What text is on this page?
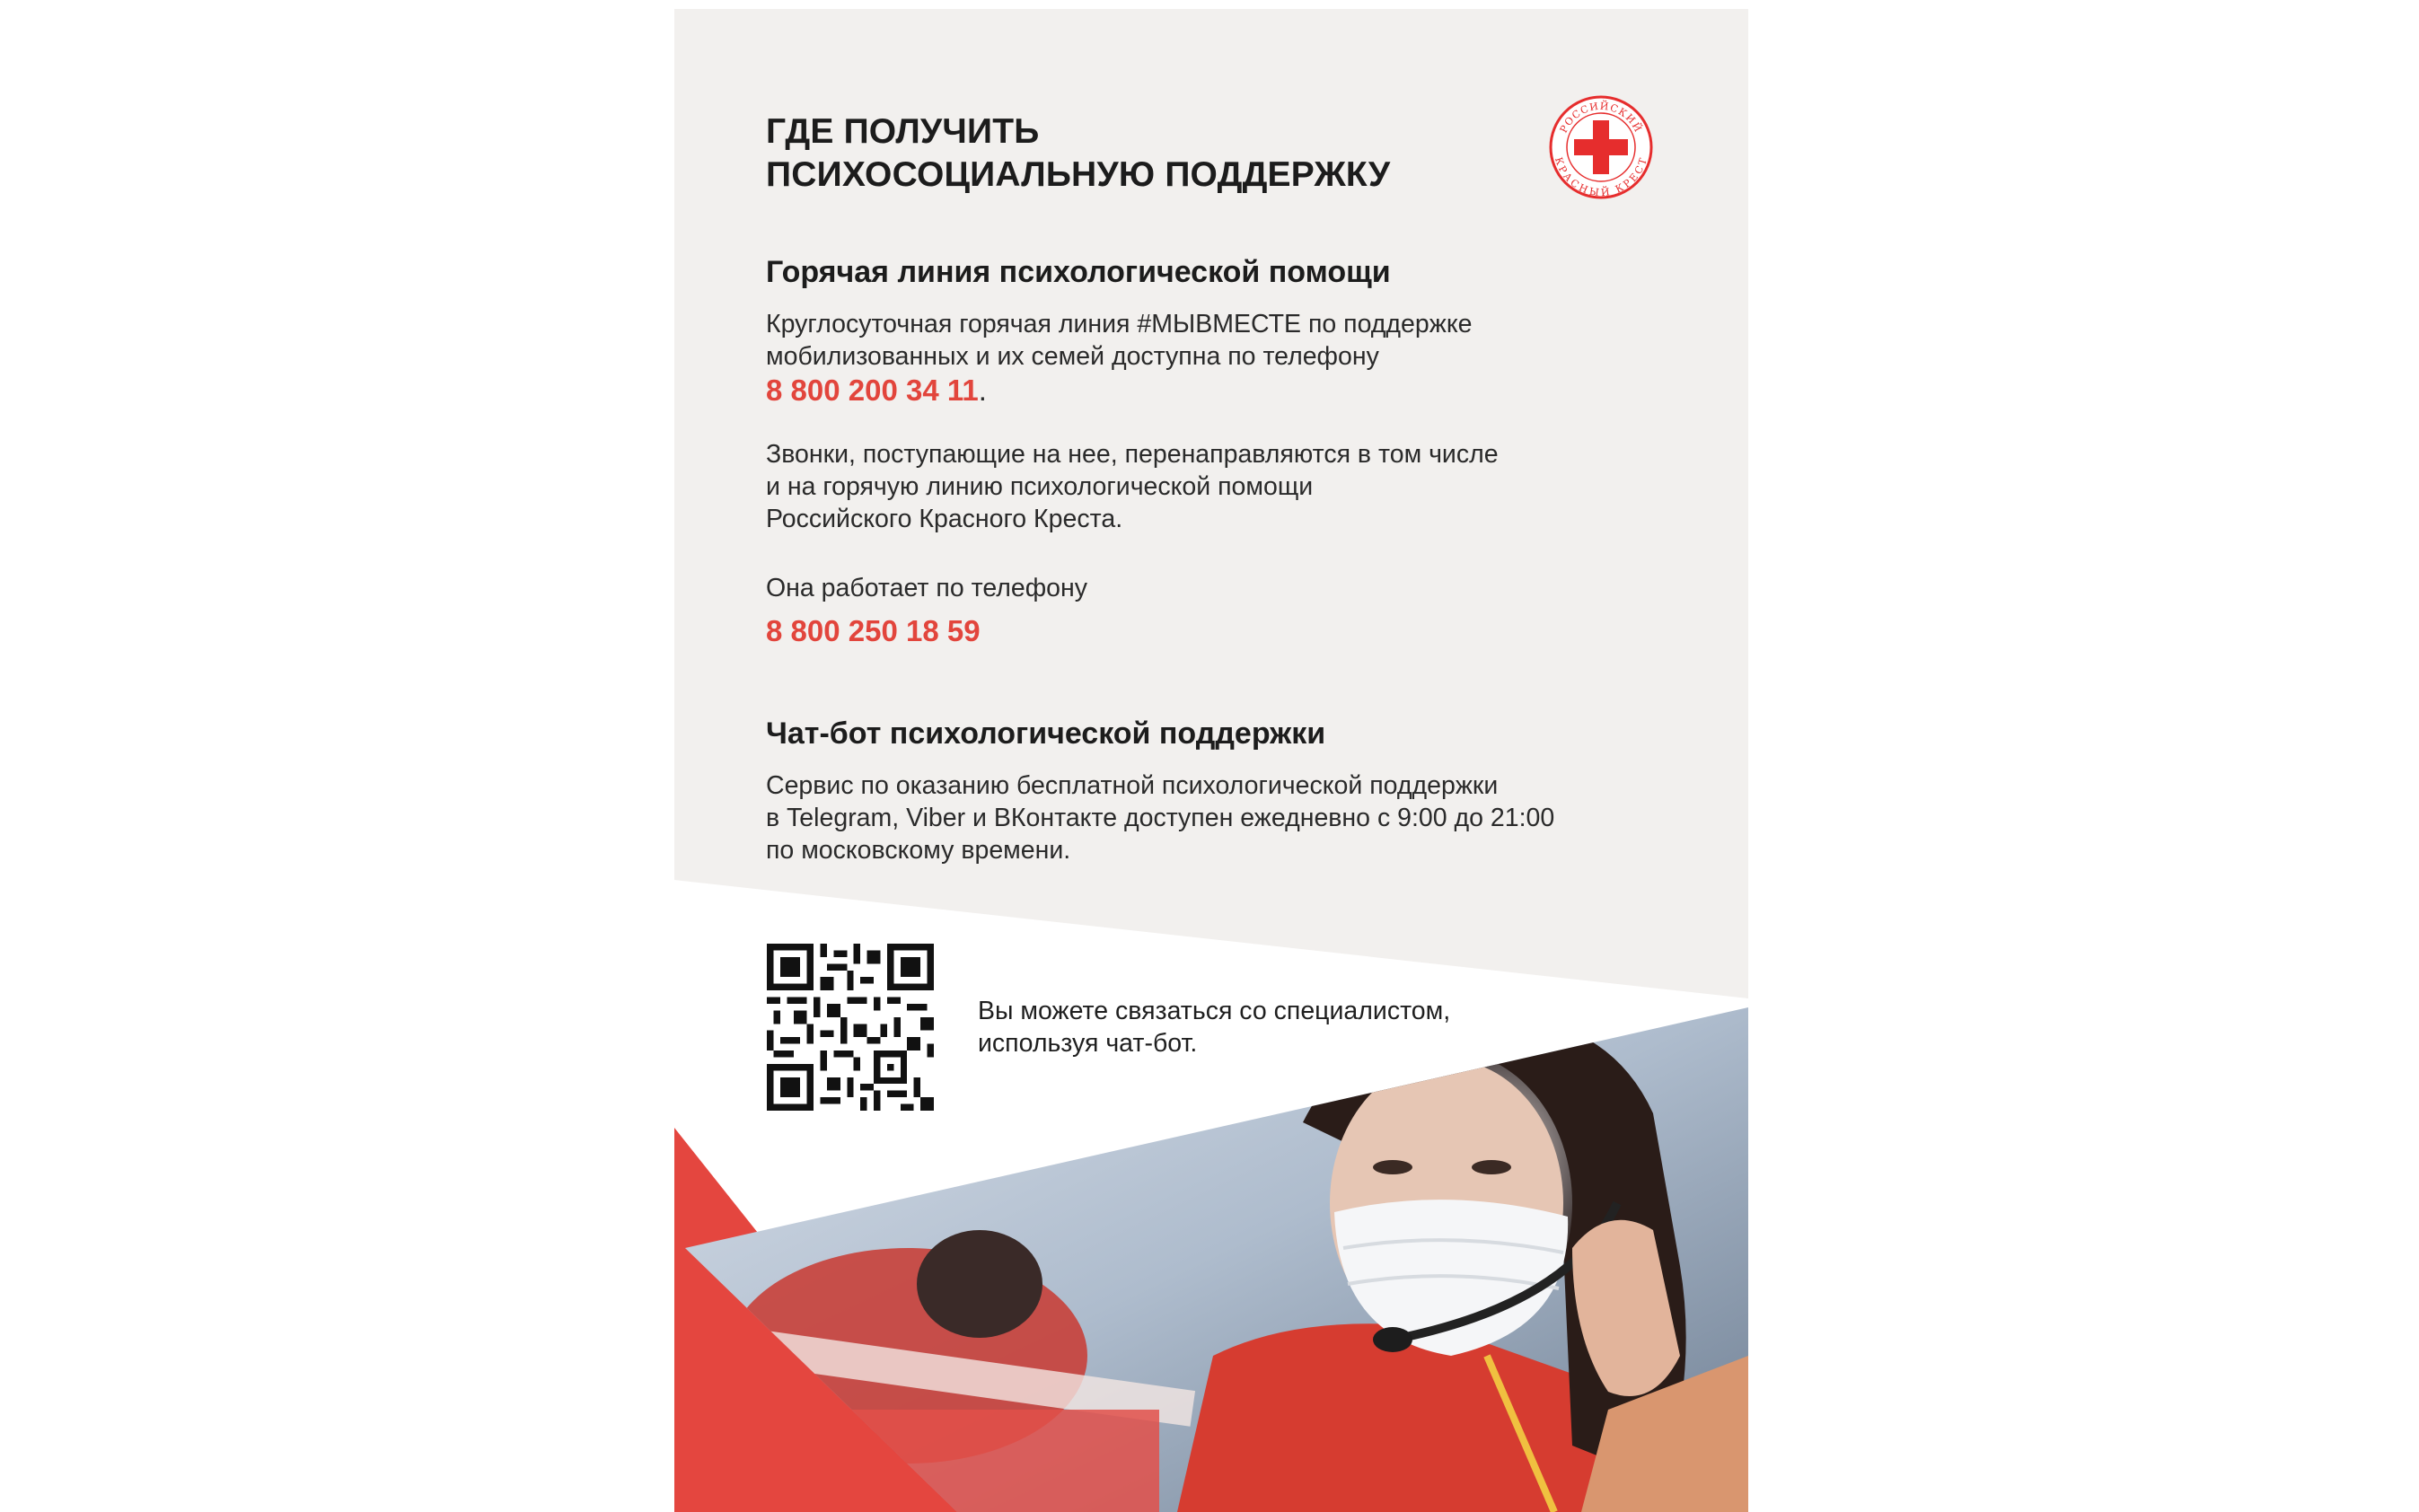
РОССИЙСКИЙ
КРАСНЫЙ КРЕСТ
ГДЕ ПОЛУЧИТЬ
ПСИХОСОЦИАЛЬНУЮ ПОДДЕРЖКУ
Горячая линия психологической помощи

Круглосуточная горячая линия #МЫВМЕСТЕ по поддержке
мобилизованных и их семей доступна по телефону

8 800 200 34 11.

Звонки, поступающие на нее, перенаправляются в том числе
и на горячую линию психологической помощи
Российского Красного Креста.

Она работает по телефону

8 800 250 18 59
Чат-бот психологической поддержки

Сервис по оказанию бесплатной психологической поддержки
в Telegram, Viber и ВКонтакте доступен ежедневно с 9:00 до 21:00
по московскому времени.

Вы можете связаться со специалистом,
используя чат-бот.
